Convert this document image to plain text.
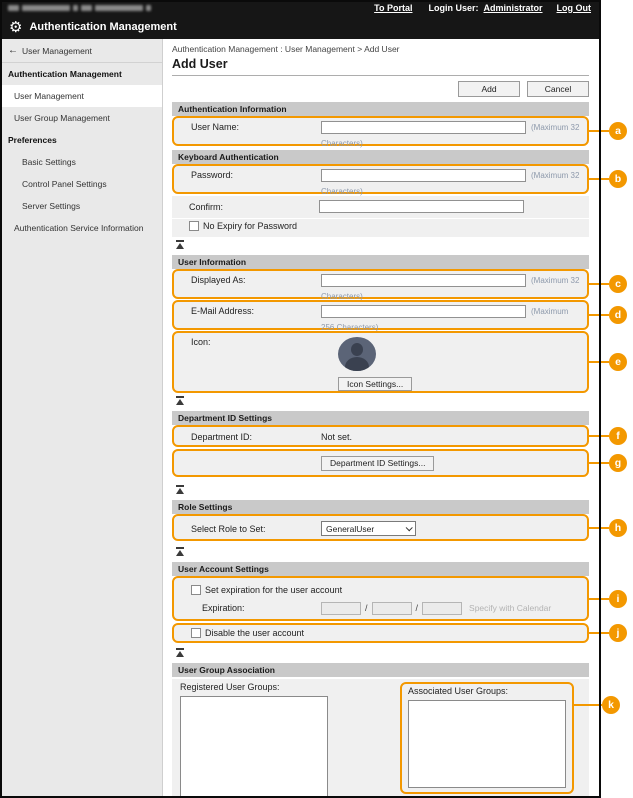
To Portal Login User: Administrator Log Out
⚙ Authentication Management
← User Management
Authentication Management
User Management
User Group Management
Preferences
Basic Settings
Control Panel Settings
Server Settings
Authentication Service Information
Authentication Management : User Management > Add User
Add User
Add	Cancel
Authentication Information
User Name:	(Maximum 32
Characters)
a
Keyboard Authentication
Password:	(Maximum 32
Characters)
b
Confirm:
No Expiry for Password
User Information
Displayed As:	(Maximum 32
Characters)
c
E-Mail Address:	(Maximum
256 Characters)
d
Icon:
Icon Settings...
e
Department ID Settings
Department ID:	Not set.	f
Department ID Settings...	g
Role Settings
Select Role to Set:	GeneralUser	h
User Account Settings
Set expiration for the user account
Expiration:	/	/	Specify with Calendar
i
Disable the user account	j
User Group Association
Registered User Groups:	Associated User Groups:
k
